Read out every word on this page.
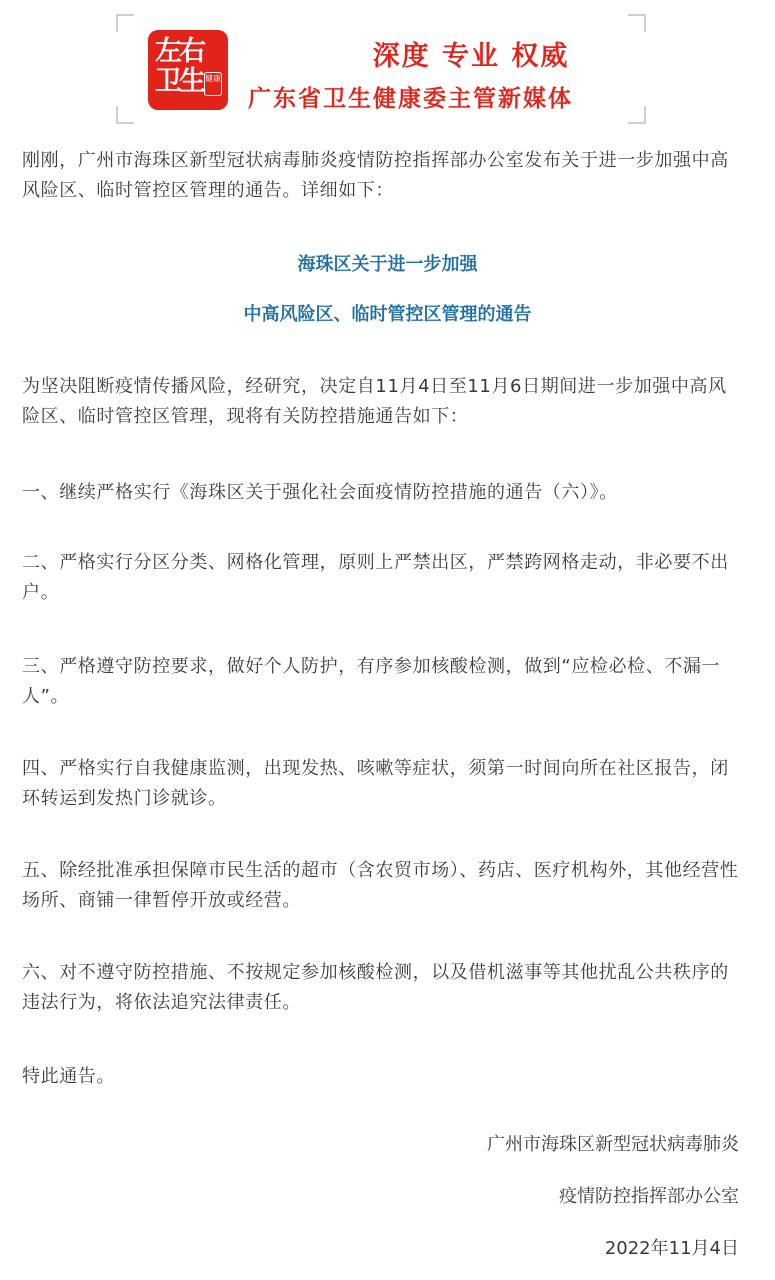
左右
卫生 健康
深度 专业 权威
广东省卫生健康委主管新媒体
刚刚，广州市海珠区新型冠状病毒肺炎疫情防控指挥部办公室发布关于进一步加强中高风险区、临时管控区管理的通告。详细如下：
海珠区关于进一步加强
中高风险区、临时管控区管理的通告
为坚决阻断疫情传播风险，经研究，决定自11月4日至11月6日期间进一步加强中高风险区、临时管控区管理，现将有关防控措施通告如下：
一、继续严格实行《海珠区关于强化社会面疫情防控措施的通告（六）》。
二、严格实行分区分类、网格化管理，原则上严禁出区，严禁跨网格走动，非必要不出户。
三、严格遵守防控要求，做好个人防护，有序参加核酸检测，做到“应检必检、不漏一人”。
四、严格实行自我健康监测，出现发热、咳嗽等症状，须第一时间向所在社区报告，闭环转运到发热门诊就诊。
五、除经批准承担保障市民生活的超市（含农贸市场）、药店、医疗机构外，其他经营性场所、商铺一律暂停开放或经营。
六、对不遵守防控措施、不按规定参加核酸检测，以及借机滋事等其他扰乱公共秩序的违法行为，将依法追究法律责任。
特此通告。
广州市海珠区新型冠状病毒肺炎
疫情防控指挥部办公室
2022年11月4日
